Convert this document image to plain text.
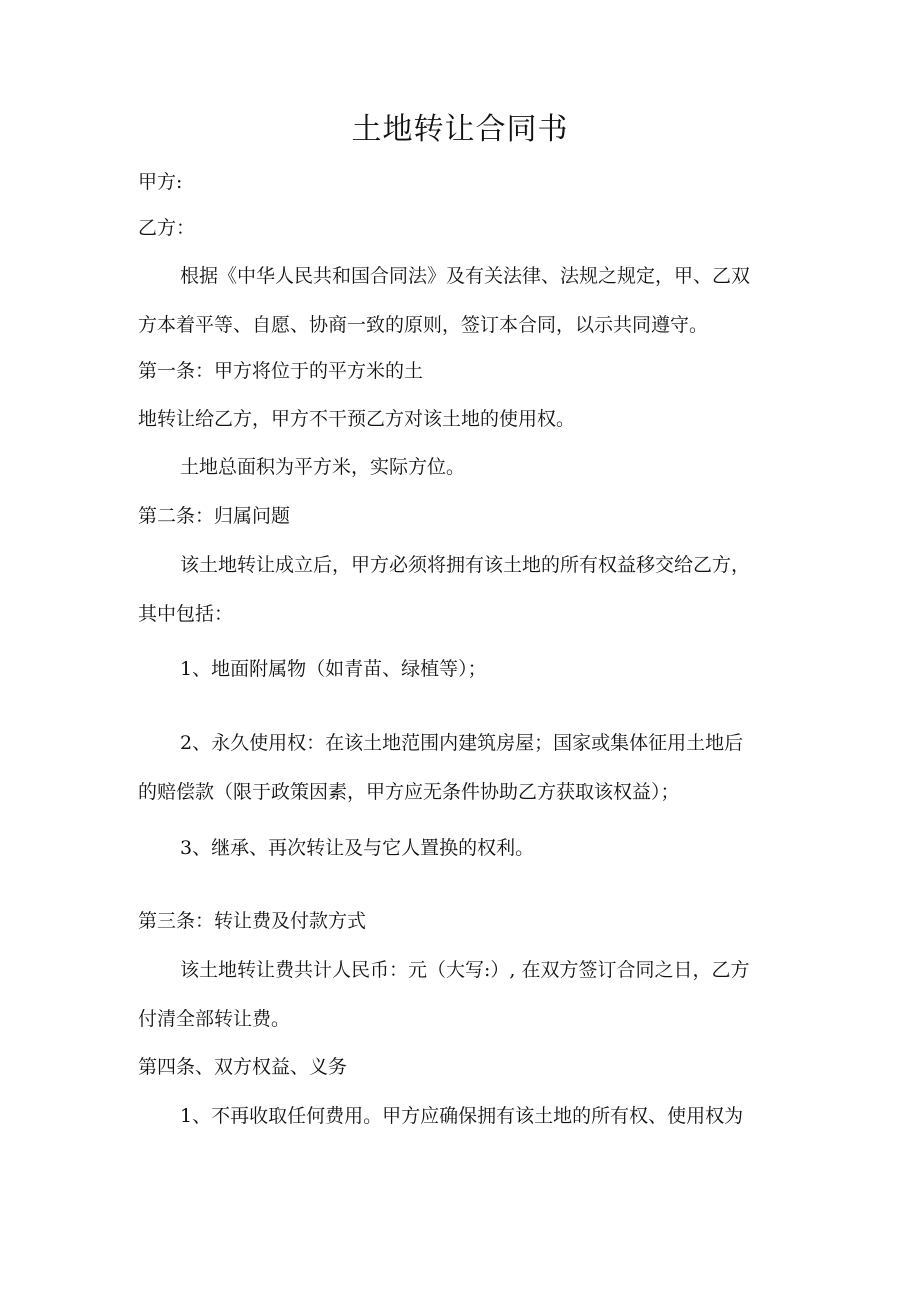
土地转让合同书
甲方:
乙方：
根据《中华人民共和国合同法》及有关法律、法规之规定，甲、乙双
方本着平等、自愿、协商一致的原则，签订本合同，以示共同遵守。
第一条：甲方将位于的平方米的土
地转让给乙方，甲方不干预乙方对该土地的使用权。
土地总面积为平方米，实际方位。
第二条：归属问题
该土地转让成立后，甲方必须将拥有该土地的所有权益移交给乙方，
其中包括：
1、地面附属物（如青苗、绿植等）；
2、永久使用权：在该土地范围内建筑房屋；国家或集体征用土地后
的赔偿款（限于政策因素，甲方应无条件协助乙方获取该权益）；
3、继承、再次转让及与它人置换的权利。
第三条：转让费及付款方式
该土地转让费共计人民币：元（大写:）, 在双方签订合同之日，乙方
付清全部转让费。
第四条、双方权益、义务
1、不再收取任何费用。甲方应确保拥有该土地的所有权、使用权为
